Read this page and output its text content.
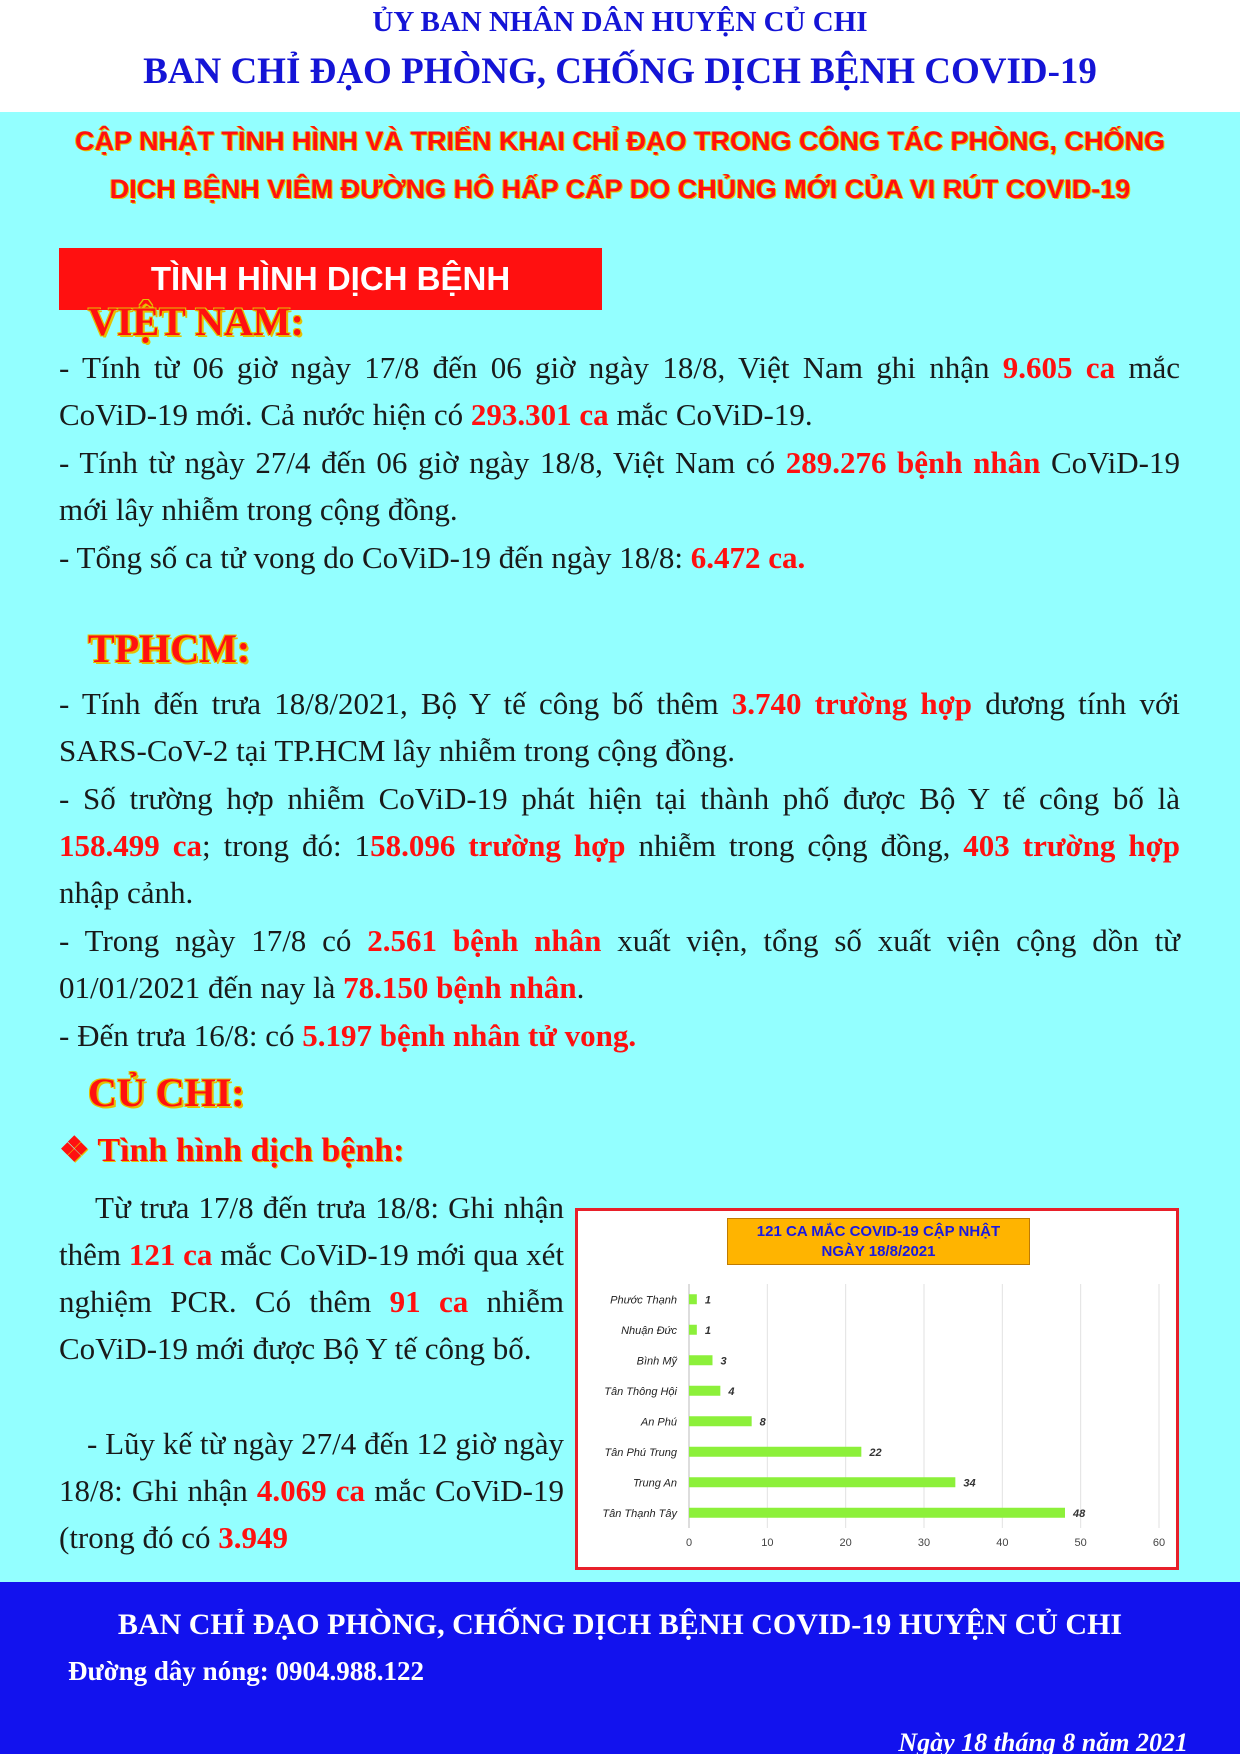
ỦY BAN NHÂN DÂN HUYỆN CỦ CHI
BAN CHỈ ĐẠO PHÒNG, CHỐNG DỊCH BỆNH COVID-19
CẬP NHẬT TÌNH HÌNH VÀ TRIỂN KHAI CHỈ ĐẠO TRONG CÔNG TÁC PHÒNG, CHỐNG
DỊCH BỆNH VIÊM ĐƯỜNG HÔ HẤP CẤP DO CHỦNG MỚI CỦA VI RÚT COVID-19
TÌNH HÌNH DỊCH BỆNH
VIỆT NAM:
- Tính từ 06 giờ ngày 17/8 đến 06 giờ ngày 18/8, Việt Nam ghi nhận 9.605 ca mắc CoViD-19 mới. Cả nước hiện có 293.301 ca mắc CoViD-19.
- Tính từ ngày 27/4 đến 06 giờ ngày 18/8, Việt Nam có 289.276 bệnh nhân CoViD-19 mới lây nhiễm trong cộng đồng.
- Tổng số ca tử vong do CoViD-19 đến ngày 18/8: 6.472 ca.
TPHCM:
- Tính đến trưa 18/8/2021, Bộ Y tế công bố thêm 3.740 trường hợp dương tính với SARS-CoV-2 tại TP.HCM lây nhiễm trong cộng đồng.
- Số trường hợp nhiễm CoViD-19 phát hiện tại thành phố được Bộ Y tế công bố là 158.499 ca; trong đó: 158.096 trường hợp nhiễm trong cộng đồng, 403 trường hợp nhập cảnh.
- Trong ngày 17/8 có 2.561 bệnh nhân xuất viện, tổng số xuất viện cộng dồn từ 01/01/2021 đến nay là 78.150 bệnh nhân.
- Đến trưa 16/8: có 5.197 bệnh nhân tử vong.
CỦ CHI:
❖ Tình hình dịch bệnh:
Từ trưa 17/8 đến trưa 18/8: Ghi nhận thêm 121 ca mắc CoViD-19 mới qua xét nghiệm PCR. Có thêm 91 ca nhiễm CoViD-19 mới được Bộ Y tế công bố.
- Lũy kế từ ngày 27/4 đến 12 giờ ngày 18/8: Ghi nhận 4.069 ca mắc CoViD-19 (trong đó có 3.949
121 CA MẮC COVID-19 CẬP NHẬT
NGÀY 18/8/2021
0	10	20	30	40	50	60
Phước Thạnh	1
Nhuận Đức	1
Bình Mỹ	3
Tân Thông Hội	4
An Phú	8
Tân Phú Trung	22
Trung An	34
Tân Thạnh Tây	48
BAN CHỈ ĐẠO PHÒNG, CHỐNG DỊCH BỆNH COVID-19 HUYỆN CỦ CHI
Đường dây nóng: 0904.988.122
Ngày 18 tháng 8 năm 2021
